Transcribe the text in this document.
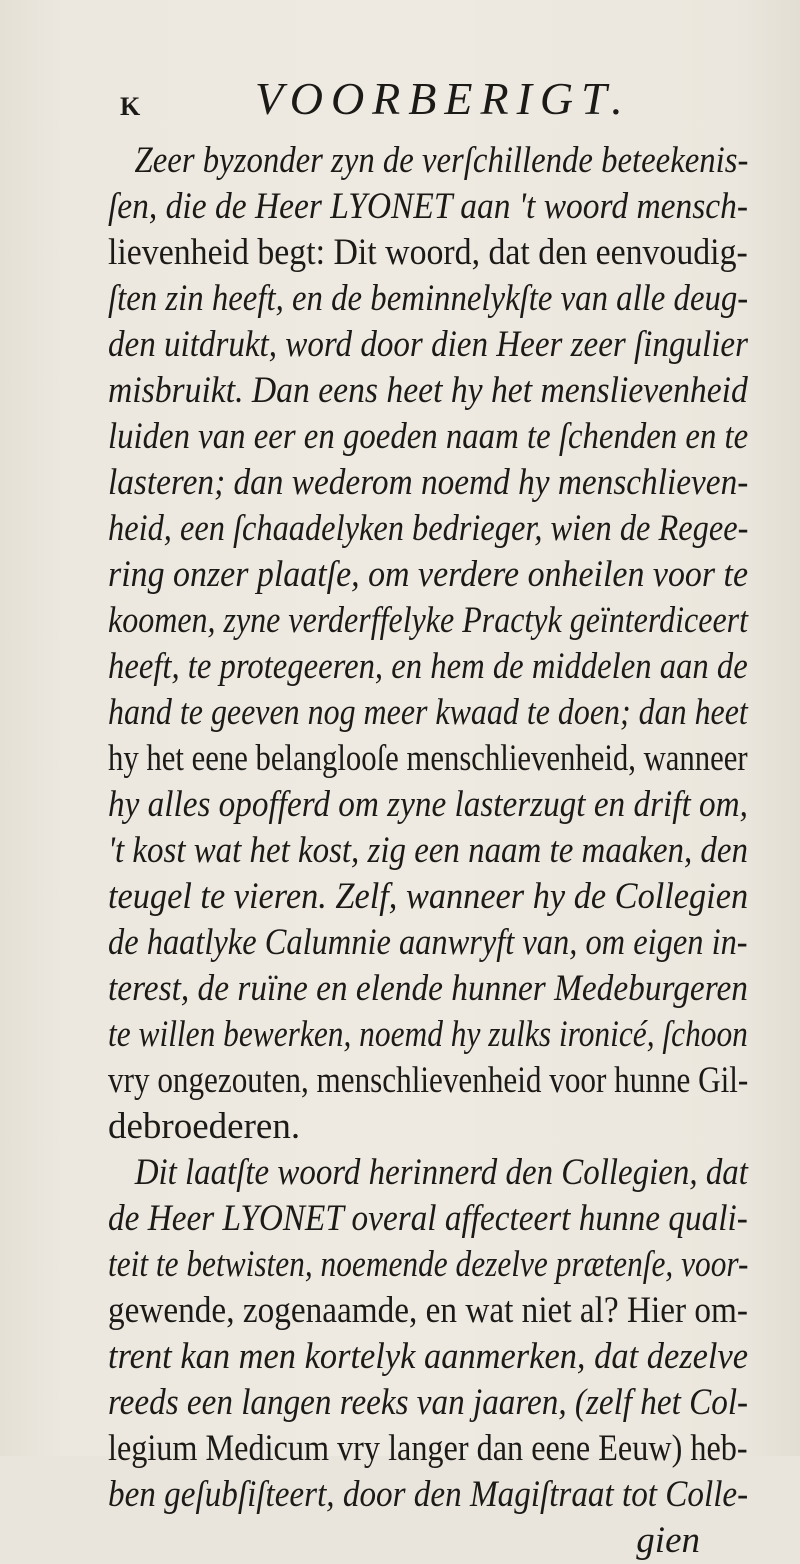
K VOORBERIGT.
Zeer byzonder zyn de verſchillende beteekenis-
ſen, die de Heer LYONET aan 't woord mensch-
lievenheid begt: Dit woord, dat den eenvoudig-
ſten zin heeft, en de beminnelykſte van alle deug-
den uitdrukt, word door dien Heer zeer ſingulier
misbruikt. Dan eens heet hy het menslievenheid
luiden van eer en goeden naam te ſchenden en te
lasteren; dan wederom noemd hy menschlieven-
heid, een ſchaadelyken bedrieger, wien de Regee-
ring onzer plaatſe, om verdere onheilen voor te
koomen, zyne verderffelyke Practyk geïnterdiceert
heeft, te protegeeren, en hem de middelen aan de
hand te geeven nog meer kwaad te doen; dan heet
hy het eene belanglooſe menschlievenheid, wanneer
hy alles opofferd om zyne lasterzugt en drift om,
't kost wat het kost, zig een naam te maaken, den
teugel te vieren. Zelf, wanneer hy de Collegien
de haatlyke Calumnie aanwryft van, om eigen in-
terest, de ruïne en elende hunner Medeburgeren
te willen bewerken, noemd hy zulks ironicé, ſchoon
vry ongezouten, menschlievenheid voor hunne Gil-
debroederen.
Dit laatſte woord herinnerd den Collegien, dat
de Heer LYONET overal affecteert hunne quali-
teit te betwisten, noemende dezelve prætenſe, voor-
gewende, zogenaamde, en wat niet al? Hier om-
trent kan men kortelyk aanmerken, dat dezelve
reeds een langen reeks van jaaren, (zelf het Col-
legium Medicum vry langer dan eene Eeuw) heb-
ben geſubſiſteert, door den Magiſtraat tot Colle-
gien
